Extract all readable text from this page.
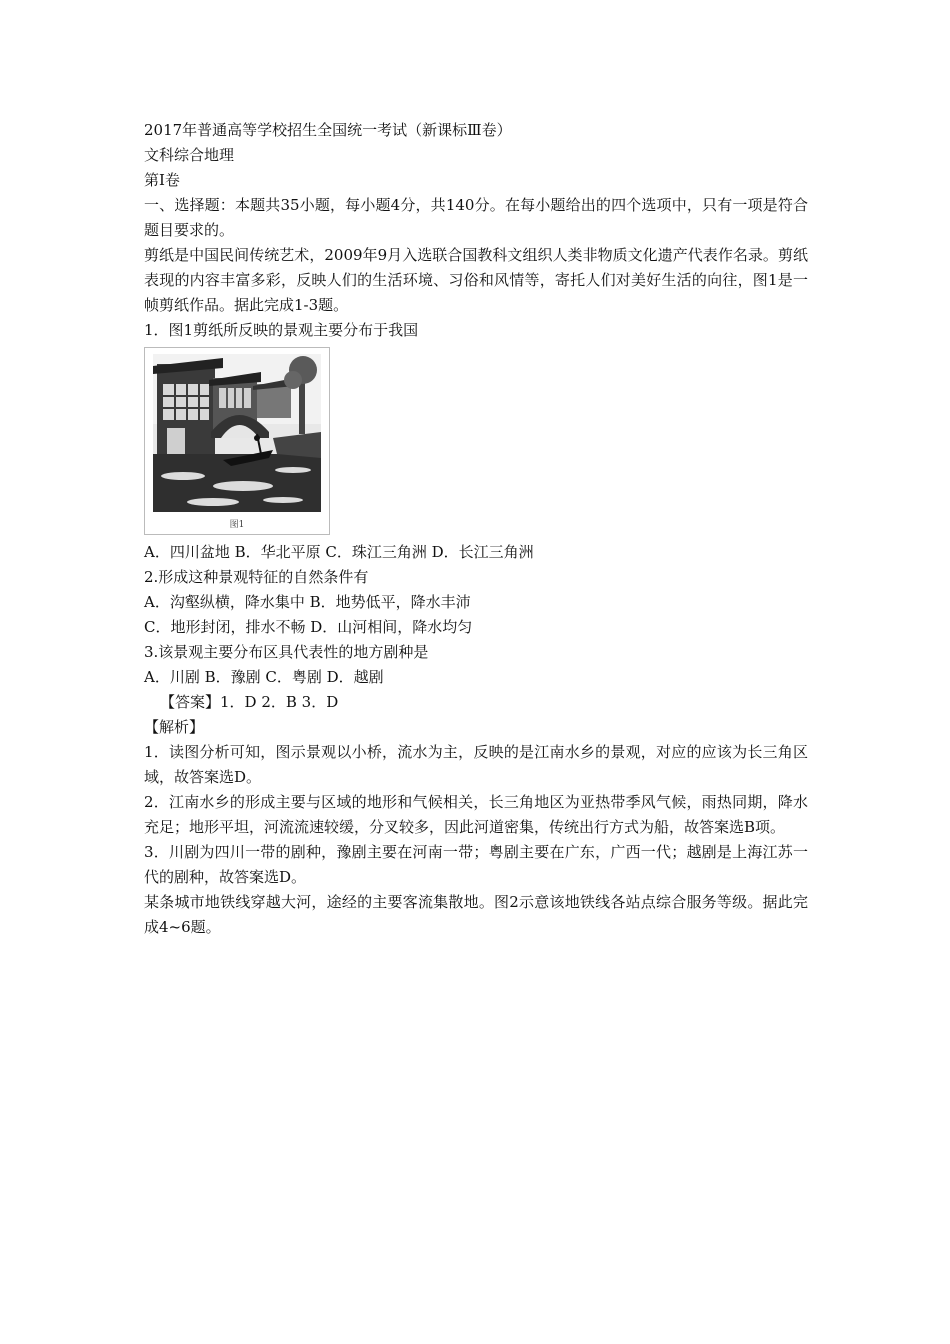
2017年普通高等学校招生全国统一考试（新课标Ⅲ卷）
文科综合地理
第Ⅰ卷
一、选择题：本题共35小题，每小题4分，共140分。在每小题给出的四个选项中，只有一项是符合题目要求的。
剪纸是中国民间传统艺术，2009年9月入选联合国教科文组织人类非物质文化遗产代表作名录。剪纸表现的内容丰富多彩，反映人们的生活环境、习俗和风情等，寄托人们对美好生活的向往，图1是一帧剪纸作品。据此完成1-3题。
1．图1剪纸所反映的景观主要分布于我国
图1
A．四川盆地 B．华北平原 C．珠江三角洲 D．长江三角洲
2.形成这种景观特征的自然条件有
A．沟壑纵横，降水集中 B．地势低平，降水丰沛
C．地形封闭，排水不畅 D．山河相间，降水均匀
3.该景观主要分布区具代表性的地方剧种是
A．川剧 B．豫剧 C．粤剧 D．越剧
【答案】1．D 2．B 3．D
【解析】
1．读图分析可知，图示景观以小桥，流水为主，反映的是江南水乡的景观，对应的应该为长三角区域，故答案选D。
2．江南水乡的形成主要与区域的地形和气候相关，长三角地区为亚热带季风气候，雨热同期，降水充足；地形平坦，河流流速较缓，分叉较多，因此河道密集，传统出行方式为船，故答案选B项。
3．川剧为四川一带的剧种，豫剧主要在河南一带；粤剧主要在广东，广西一代；越剧是上海江苏一代的剧种，故答案选D。
某条城市地铁线穿越大河，途经的主要客流集散地。图2示意该地铁线各站点综合服务等级。据此完成4~6题。
